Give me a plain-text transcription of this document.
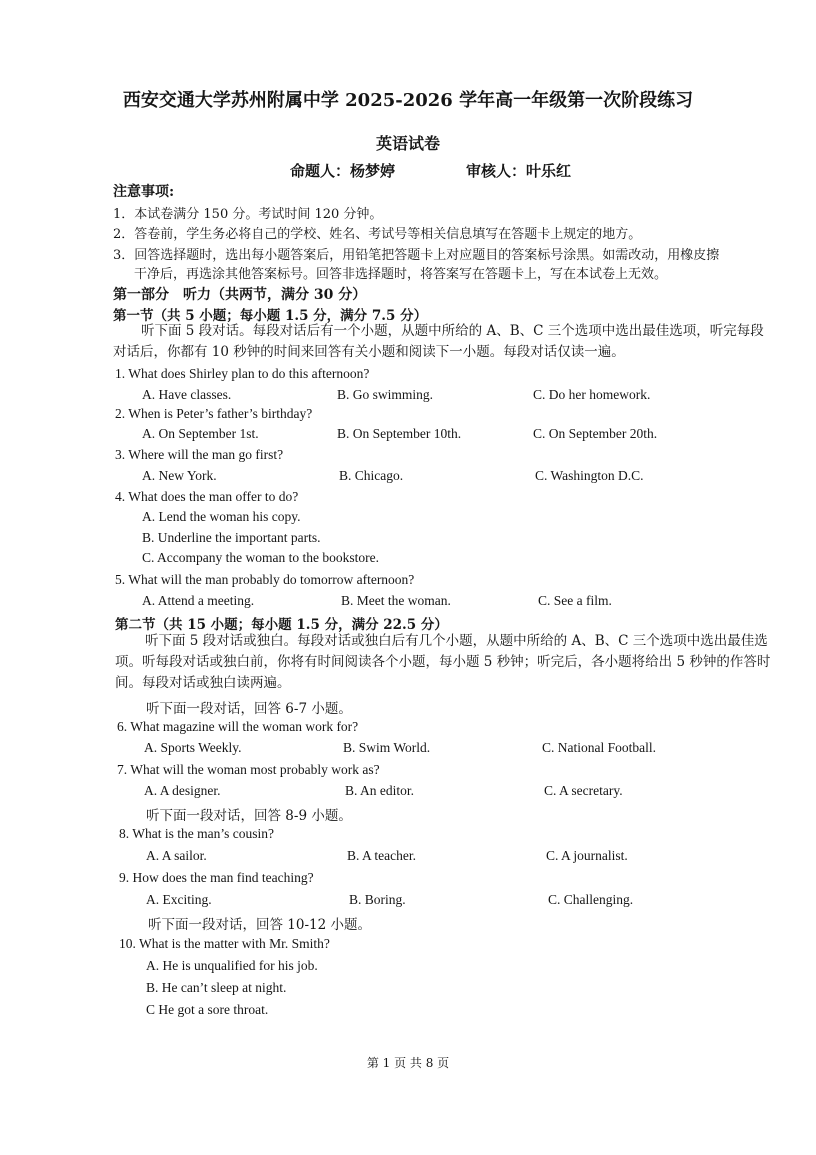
西安交通大学苏州附属中学 2025-2026 学年高一年级第一次阶段练习
英语试卷
命题人：杨梦婷	审核人：叶乐红
注意事项:
1．本试卷满分 150 分。考试时间 120 分钟。
2．答卷前，学生务必将自己的学校、姓名、考试号等相关信息填写在答题卡上规定的地方。
3．回答选择题时，选出每小题答案后，用铅笔把答题卡上对应题目的答案标号涂黑。如需改动，用橡皮擦
干净后，再选涂其他答案标号。回答非选择题时，将答案写在答题卡上，写在本试卷上无效。
第一部分　听力（共两节，满分 30 分）
第一节（共 5 小题；每小题 1.5 分，满分 7.5 分）
听下面 5 段对话。每段对话后有一个小题，从题中所给的 A、B、C 三个选项中选出最佳选项，听完每段对话后，你都有 10 秒钟的时间来回答有关小题和阅读下一小题。每段对话仅读一遍。
1. What does Shirley plan to do this afternoon?
A. Have classes.	B. Go swimming.	C. Do her homework.
2. When is Peter’s father’s birthday?
A. On September 1st.	B. On September 10th.	C. On September 20th.
3. Where will the man go first?
A. New York.	B. Chicago.	C. Washington D.C.
4. What does the man offer to do?
A. Lend the woman his copy.
B. Underline the important parts.
C. Accompany the woman to the bookstore.
5. What will the man probably do tomorrow afternoon?
A. Attend a meeting.	B. Meet the woman.	C. See a film.
第二节（共 15 小题；每小题 1.5 分，满分 22.5 分）
听下面 5 段对话或独白。每段对话或独白后有几个小题，从题中所给的 A、B、C 三个选项中选出最佳选项。听每段对话或独白前，你将有时间阅读各个小题，每小题 5 秒钟；听完后，各小题将给出 5 秒钟的作答时间。每段对话或独白读两遍。
听下面一段对话，回答 6-7 小题。
6. What magazine will the woman work for?
A. Sports Weekly.	B. Swim World.	C. National Football.
7. What will the woman most probably work as?
A. A designer.	B. An editor.	C. A secretary.
听下面一段对话，回答 8-9 小题。
8. What is the man’s cousin?
A. A sailor.	B. A teacher.	C. A journalist.
9. How does the man find teaching?
A. Exciting.	B. Boring.	C. Challenging.
听下面一段对话，回答 10-12 小题。
10. What is the matter with Mr. Smith?
A. He is unqualified for his job.
B. He can’t sleep at night.
C He got a sore throat.
第 1 页 共 8 页
